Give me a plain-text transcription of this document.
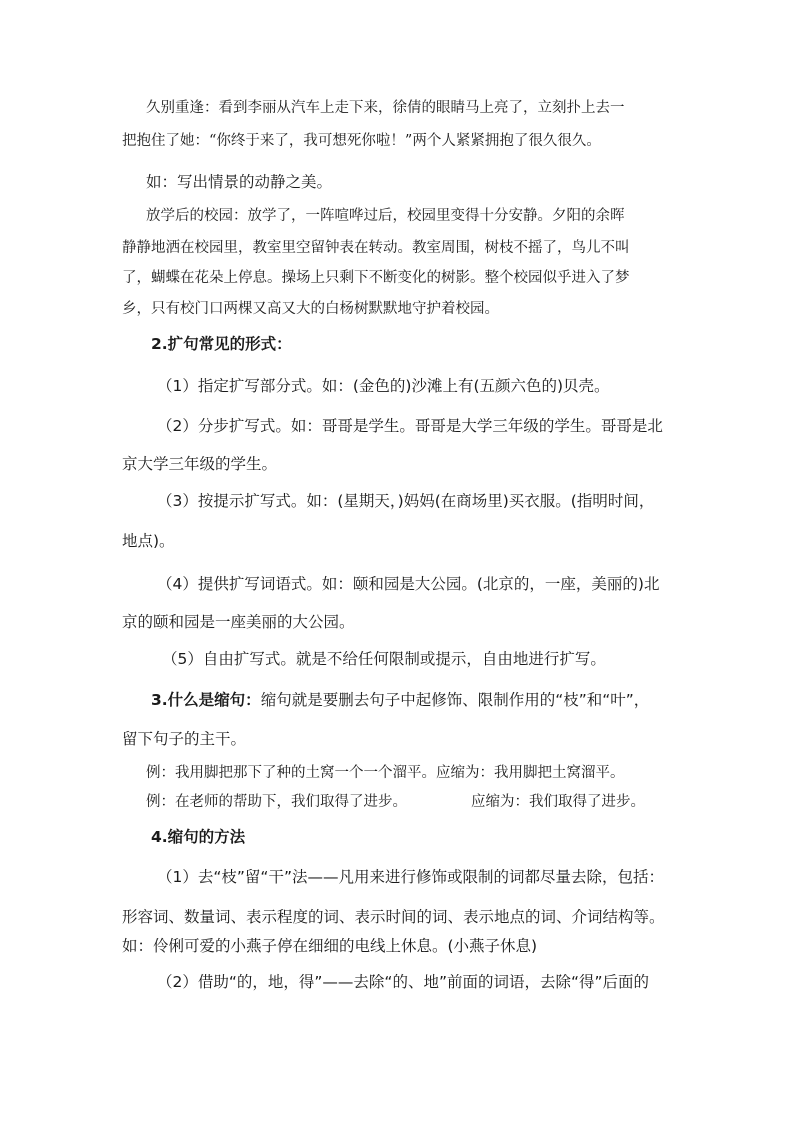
久别重逢：看到李丽从汽车上走下来，徐倩的眼睛马上亮了，立刻扑上去一

把抱住了她：“你终于来了，我可想死你啦！”两个人紧紧拥抱了很久很久。

如：写出情景的动静之美。

放学后的校园：放学了，一阵喧哗过后，校园里变得十分安静。夕阳的余晖

静静地洒在校园里，教室里空留钟表在转动。教室周围，树枝不摇了，鸟儿不叫

了，蝴蝶在花朵上停息。操场上只剩下不断变化的树影。整个校园似乎进入了梦

乡，只有校门口两棵又高又大的白杨树默默地守护着校园。

2.扩句常见的形式：

（1）指定扩写部分式。如：(金色的)沙滩上有(五颜六色的)贝壳。

（2）分步扩写式。如：哥哥是学生。哥哥是大学三年级的学生。哥哥是北

京大学三年级的学生。

（3）按提示扩写式。如：(星期天，)妈妈(在商场里)买衣服。(指明时间，

地点)。

（4）提供扩写词语式。如：颐和园是大公园。(北京的，一座，美丽的)北

京的颐和园是一座美丽的大公园。

（5）自由扩写式。就是不给任何限制或提示，自由地进行扩写。

3.什么是缩句：缩句就是要删去句子中起修饰、限制作用的“枝”和“叶”，

留下句子的主干。

例：我用脚把那下了种的土窝一个一个溜平。应缩为：我用脚把土窝溜平。

例：在老师的帮助下，我们取得了进步。	应缩为：我们取得了进步。

4.缩句的方法

（1）去“枝”留“干”法——凡用来进行修饰或限制的词都尽量去除，包括：

形容词、数量词、表示程度的词、表示时间的词、表示地点的词、介词结构等。

如：伶俐可爱的小燕子停在细细的电线上休息。(小燕子休息)

（2）借助“的，地，得”——去除“的、地”前面的词语，去除“得”后面的
